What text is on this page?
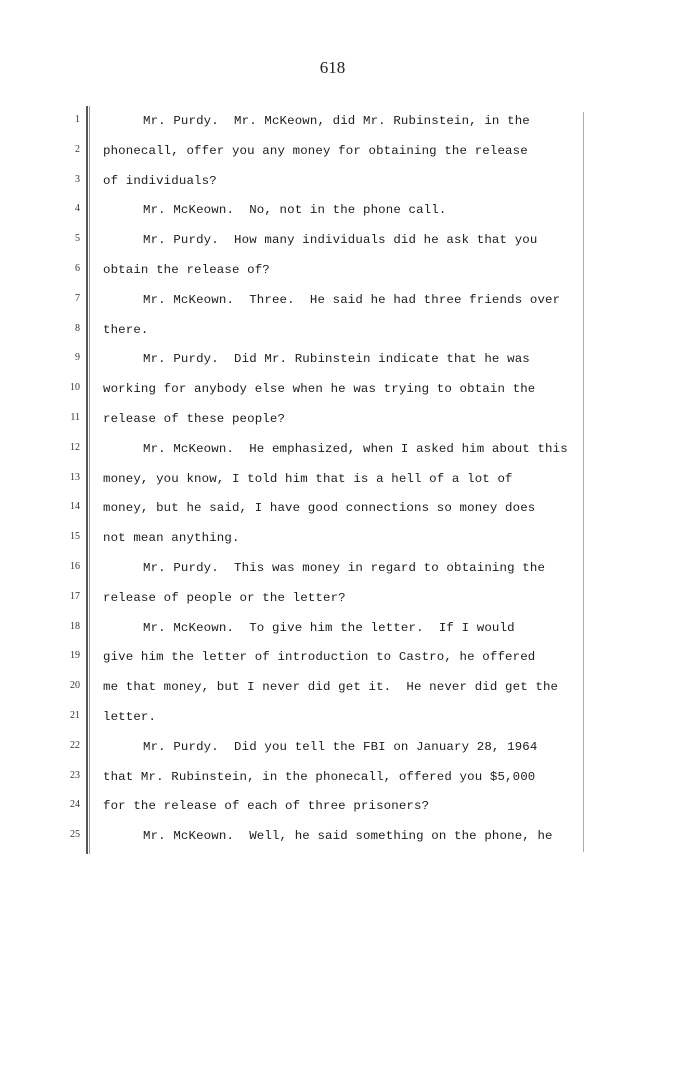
618
1
2
3
4
5
6
7
8
9
10
11
12
13
14
15
16
17
18
19
20
21
22
23
24
25
Mr. Purdy.  Mr. McKeown, did Mr. Rubinstein, in the
phonecall, offer you any money for obtaining the release
of individuals?
Mr. McKeown.  No, not in the phone call.
Mr. Purdy.  How many individuals did he ask that you
obtain the release of?
Mr. McKeown.  Three.  He said he had three friends over
there.
Mr. Purdy.  Did Mr. Rubinstein indicate that he was
working for anybody else when he was trying to obtain the
release of these people?
Mr. McKeown.  He emphasized, when I asked him about this
money, you know, I told him that is a hell of a lot of
money, but he said, I have good connections so money does
not mean anything.
Mr. Purdy.  This was money in regard to obtaining the
release of people or the letter?
Mr. McKeown.  To give him the letter.  If I would
give him the letter of introduction to Castro, he offered
me that money, but I never did get it.  He never did get the
letter.
Mr. Purdy.  Did you tell the FBI on January 28, 1964
that Mr. Rubinstein, in the phonecall, offered you $5,000
for the release of each of three prisoners?
Mr. McKeown.  Well, he said something on the phone, he
